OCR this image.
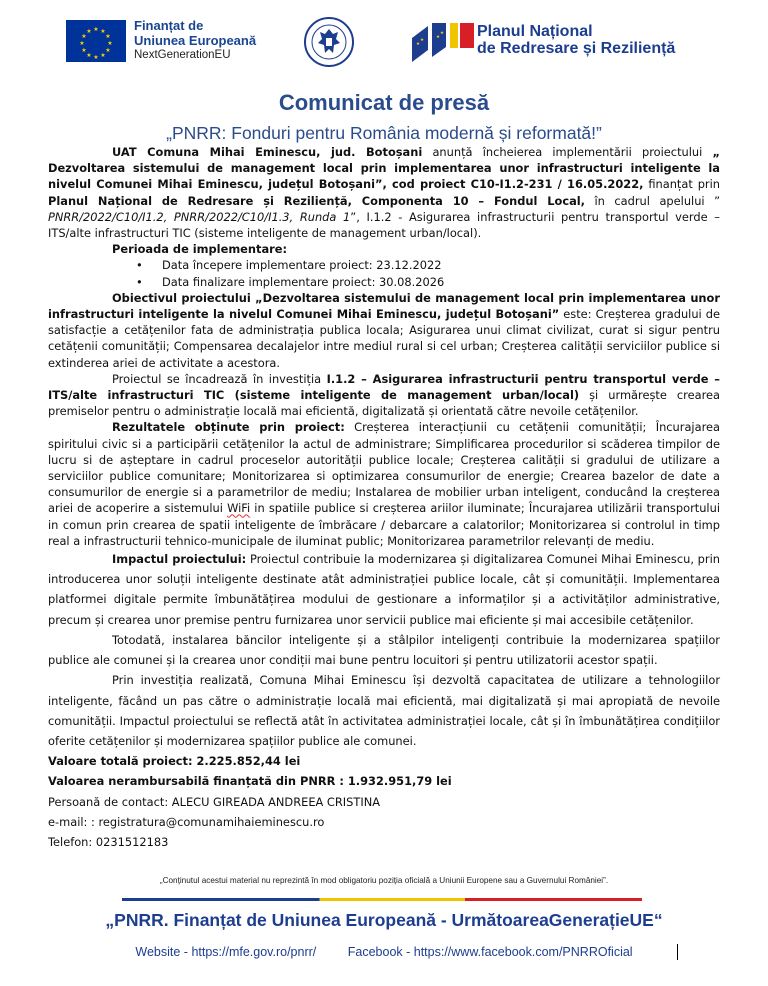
★ ★
★
★
★
★
★
★
★
★
★
★	Finanțat de
Uniunea Europeană
NextGenerationEU
★
★
★
★ Planul Național
de Redresare și Reziliență
Comunicat de presă
„PNRR: Fonduri pentru România modernă și reformată!”

UAT Comuna Mihai Eminescu, jud. Botoșani anunță încheierea implementării proiectului „ Dezvoltarea sistemului de management local prin implementarea unor infrastructuri inteligente la nivelul Comunei Mihai Eminescu, județul Botoșani”, cod proiect C10-I1.2-231 / 16.05.2022, finanțat prin Planul Național de Redresare și Reziliență, Componenta 10 – Fondul Local, în cadrul apelului ” PNRR/2022/C10/I1.2, PNRR/2022/C10/I1.3, Runda 1”, I.1.2 - Asigurarea infrastructurii pentru transportul verde – ITS/alte infrastructuri TIC (sisteme inteligente de management urban/local).

Perioada de implementare:

• Data începere implementare proiect: 23.12.2022
• Data finalizare implementare proiect: 30.08.2026

Obiectivul proiectului „Dezvoltarea sistemului de management local prin implementarea unor infrastructuri inteligente la nivelul Comunei Mihai Eminescu, județul Botoșani” este: Creșterea gradului de satisfacție a cetățenilor fata de administrația publica locala; Asigurarea unui climat civilizat, curat si sigur pentru cetățenii comunității; Compensarea decalajelor intre mediul rural si cel urban; Creșterea calității serviciilor publice si extinderea ariei de activitate a acestora.

Proiectul se încadrează în investiția I.1.2 – Asigurarea infrastructurii pentru transportul verde – ITS/alte infrastructuri TIC (sisteme inteligente de management urban/local) și urmărește crearea premiselor pentru o administrație locală mai eficientă, digitalizată și orientată către nevoile cetățenilor.

Rezultatele obținute prin proiect: Creșterea interacțiunii cu cetățenii comunității; Încurajarea spiritului civic si a participării cetățenilor la actul de administrare; Simplificarea procedurilor si scăderea timpilor de lucru si de așteptare in cadrul proceselor autorității publice locale; Creșterea calității si gradului de utilizare a serviciilor publice comunitare; Monitorizarea si optimizarea consumurilor de energie; Crearea bazelor de date a consumurilor de energie si a parametrilor de mediu; Instalarea de mobilier urban inteligent, conducând la creșterea ariei de acoperire a sistemului WiFi in spatiile publice si creșterea ariilor iluminate; Încurajarea utilizării transportului in comun prin crearea de spatii inteligente de îmbrăcare / debarcare a calatorilor; Monitorizarea si controlul in timp real a infrastructurii tehnico-municipale de iluminat public; Monitorizarea parametrilor relevanți de mediu.

Impactul proiectului: Proiectul contribuie la modernizarea și digitalizarea Comunei Mihai Eminescu, prin introducerea unor soluții inteligente destinate atât administrației publice locale, cât și comunității. Implementarea platformei digitale permite îmbunătățirea modului de gestionare a informaților și a activităților administrative, precum și crearea unor premise pentru furnizarea unor servicii publice mai eficiente și mai accesibile cetățenilor.

Totodată, instalarea băncilor inteligente și a stâlpilor inteligenți contribuie la modernizarea spațiilor publice ale comunei și la crearea unor condiții mai bune pentru locuitori și pentru utilizatorii acestor spații.

Prin investiția realizată, Comuna Mihai Eminescu își dezvoltă capacitatea de utilizare a tehnologiilor inteligente, făcând un pas către o administrație locală mai eficientă, mai digitalizată și mai apropiată de nevoile comunității. Impactul proiectului se reflectă atât în activitatea administrației locale, cât și în îmbunătățirea condițiilor oferite cetățenilor și modernizarea spațiilor publice ale comunei.

Valoare totală proiect: 2.225.852,44 lei

Valoarea nerambursabilă finanțată din PNRR : 1.932.951,79 lei

Persoană de contact: ALECU GIREADA ANDREEA CRISTINA

e-mail: : registratura@comunamihaieminescu.ro

Telefon: 0231512183

„Conținutul acestui material nu reprezintă în mod obligatoriu poziția oficială a Uniunii Europene sau a Guvernului României”.
„PNRR. Finanțat de Uniunea Europeană - UrmătoareaGenerațieUE“
Website - https://mfe.gov.ro/pnrr/	Facebook - https://www.facebook.com/PNRROficial
